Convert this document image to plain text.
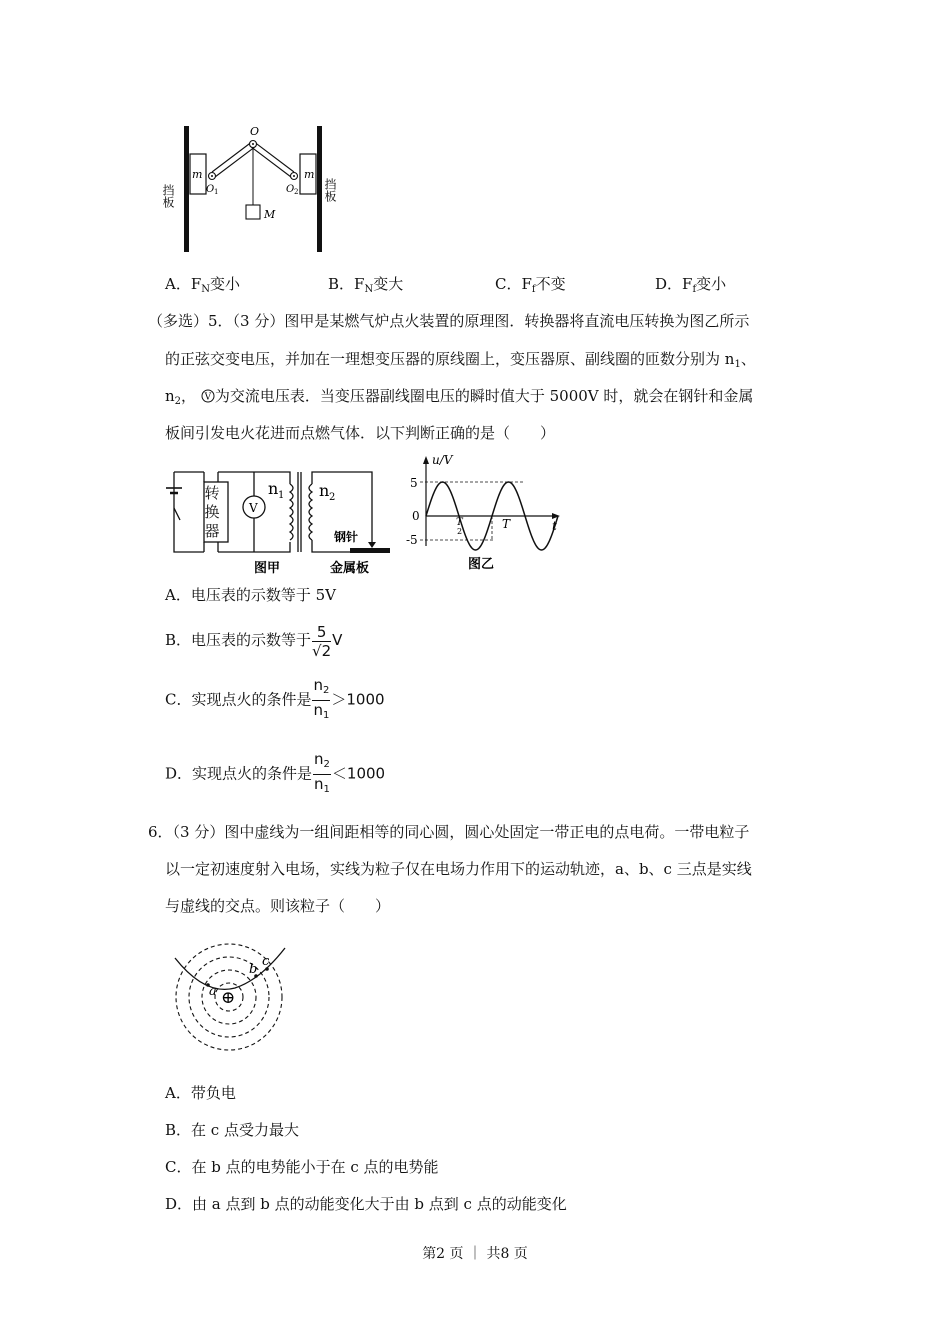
O
m	m
O 1	O 2
M
挡板	挡板
A．$F_N$变小	B．$F_N$变大	C．$F_f$不变	D．$F_f$变小
（多选）5．（3 分）图甲是某燃气炉点火装置的原理图．转换器将直流电压转换为图乙所示
的正弦交变电压，并加在一理想变压器的原线圈上，变压器原、副线圈的匝数分别为 $n_1$、
$n_2$， V 为交流电压表．当变压器副线圈电压的瞬时值大于 5000V 时，就会在钢针和金属
板间引发电火花进而点燃气体．以下判断正确的是（　　）
V
n 1 n 2
钢针
金属板
图甲
转
换
器
u/V
5
0
-5
T
2
T	t
图乙
A．电压表的示数等于 5V
B．电压表的示数等于 $\frac{5}{√2}$ V
C．实现点火的条件是 $\frac{n_2}{n_1} >1000$
D．实现点火的条件是 $\frac{n_2}{n_1} <1000$
6．（3 分）图中虚线为一组间距相等的同心圆，圆心处固定一带正电的点电荷。一带电粒子
以一定初速度射入电场，实线为粒子仅在电场力作用下的运动轨迹，a、b、c 三点是实线
与虚线的交点。则该粒子（　　）
a
b
c
⊕
A．带负电
B．在 c 点受力最大
C．在 b 点的电势能小于在 c 点的电势能
D．由 a 点到 b 点的动能变化大于由 b 点到 c 点的动能变化
第2 页 ｜ 共8 页
